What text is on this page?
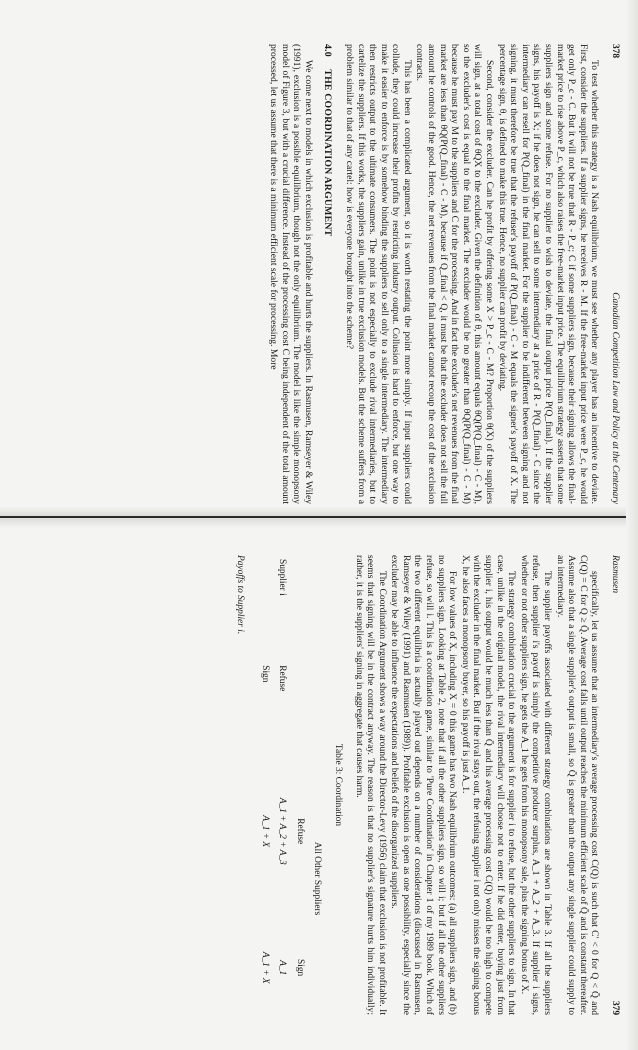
378
Canadian Competition Law and Policy at the Centenary

To test whether this strategy is a Nash equilibrium, we must see whether any player has an incentive to deviate. First, consider the suppliers. If a supplier signs, he receives R - M. If the free-market input price were P_c, he would get only P_c - C. But it will not be true that R - P_c; C if some suppliers sign, because their signing allows the final-market price to rise above P_c, which also raises the free-market input price. The equilibrium strategy asserts that some suppliers sign and some refuse. For no supplier to wish to deviate, the final output price P(Q_final). If the supplier signs, his payoff is X; if he does not sign, he can sell to some intermediary at a price of R - P(Q_final) - C since the intermediary can resell for P(Q_final) in the final market. For the supplier to be indifferent between signing and not signing, it must therefore be true that the refuser's payoff of P(Q_final) - C - M equals the signer's payoff of X. The percentage sign, θ, is defined to make this true. Hence, no supplier can profit by deviating.

Second, consider the excluder. Can he profit by offering some X > P_c - C - M? Proportion θ(X) of the suppliers will sign, at a total cost of θQX to the excluder. Given the definition of θ, this amount equals θQ(P(Q_final) - C - M), so the excluder's cost is equal to the final market. The excluder would be no greater than θQ(P(Q_final) - C - M) because he must pay M to the suppliers and C for the processing. And in fact the excluder's net revenues from the final market are less than θQ(P(Q_final) - C - M), because if Q_final < Q, it must be that the excluder does not sell the full amount he controls of the good. Hence, the net revenues from the final market cannot recoup the cost of the exclusion contracts.

This has been a complicated argument, so it is worth restating the point more simply. If input suppliers could collude, they could increase their profits by restricting industry output. Collusion is hard to enforce, but one way to make it easier to enforce is by somehow binding the suppliers to sell only to a single intermediary. The intermediary then restricts output to the ultimate consumers. The point is not especially to exclude rival intermediaries, but to cartelize the suppliers. If this works, the suppliers gain, unlike in true exclusion models. But the scheme suffers from a problem similar to that of any cartel: how is everyone brought into the scheme?

4.0 THE COORDINATION ARGUMENT

We come next to models in which exclusion is profitable and hurts the suppliers. In Rasmusen, Ramseyer & Wiley (1991), exclusion is a possible equilibrium, though not the only equilibrium. The model is like the simple monopsony model of Figure 3, but with a crucial difference. Instead of the processing cost C being independent of the total amount processed, let us assume that there is a minimum efficient scale for processing. More

Rasmusen
379

specifically, let us assume that an intermediary's average processing cost C(Q) is such that C' < 0 for Q < Q̄ and C(Q) = C for Q ≥ Q̄. Average cost falls until output reaches the minimum efficient scale of Q̄ and is constant thereafter. Assume also that a single supplier's output is small, so Q̄ is greater than the output any single supplier could supply to an intermediary.

The supplier payoffs associated with different strategy combinations are shown in Table 3. If all the suppliers refuse, then supplier i's payoff is simply the competitive producer surplus, A_1 + A_2 + A_3. If supplier i signs, whether or not other suppliers sign, he gets the A_1 he gets from his monopsony sale, plus the signing bonus of X.

The strategy combination crucial to the argument is for supplier i to refuse, but the other suppliers to sign. In that case, unlike in the original model, the rival intermediary will choose not to enter. If he did enter, buying just from supplier i, his output would be much less than Q̄ and his average processing cost C(Q) would be too high to compete with the excluder in the final market. But if the rival stays out, the refusing supplier i not only misses the signing bonus X, he also faces a monopsony buyer, so his payoff is just A_1.

For low values of X, including X = 0 this game has two Nash equilibrium outcomes: (a) all suppliers sign, and (b) no suppliers sign. Looking at Table 2, note that if all the other suppliers sign, so will i; but if all the other suppliers refuse, so will i. This is a coordination game, similar to 'Pure Coordination' in Chapter 1 of my 1989 book. Which of the two different equilibria is actually played out depends on a number of considerations (discussed in Rasmusen, Ramseyer & Wiley (1991) and Rasmusen (1989)). Profitable exclusion is open as one possibility, especially since the excluder may be able to influence the expectations and beliefs of the disorganized suppliers.

The Coordination Argument shows a way around the Director-Levy (1956) claim that exclusion is not profitable. It seems that signing will be in the contract anyway. The reason is that no supplier's signature hurts him individually; rather, it is the suppliers' signing in aggregate that causes harm.

Table 3: Coordination
		All Other Suppliers	
		Refuse	Sign
Supplier i	Refuse	A_1 + A_2 + A_3	A_1
	Sign	A_1 + X	A_1 + X
Payoffs to Supplier i.
